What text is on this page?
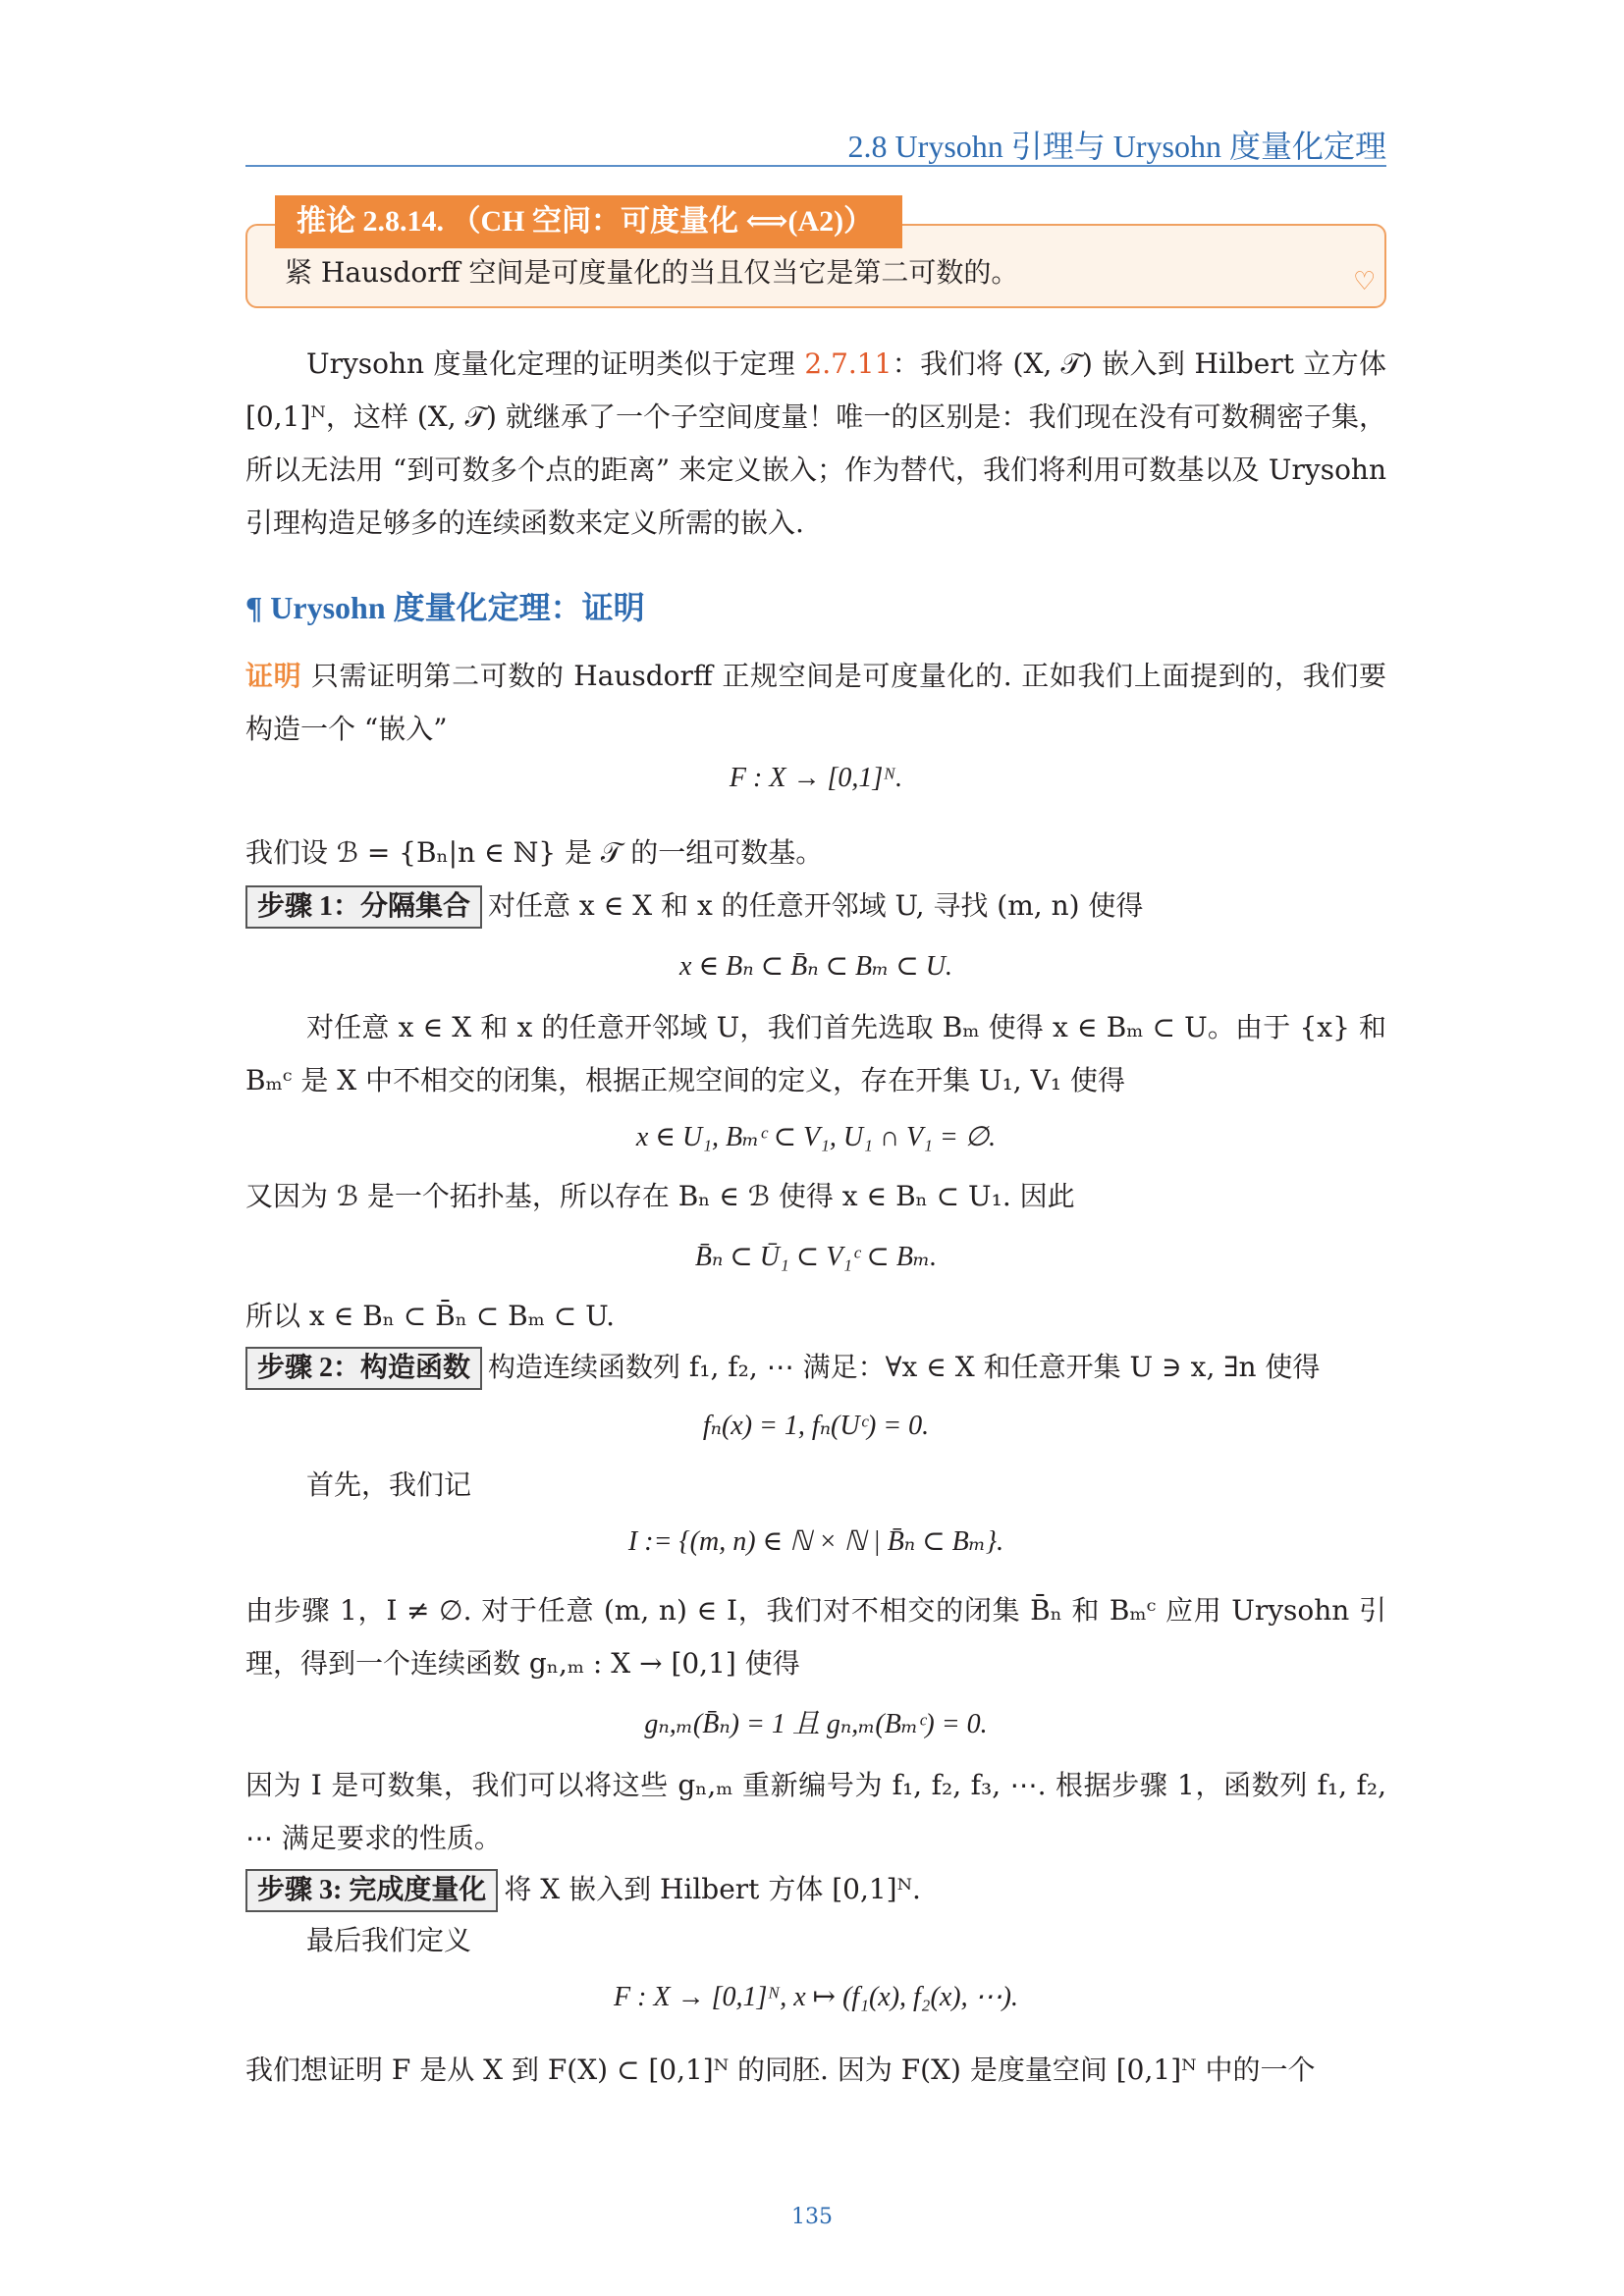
2.8 Urysohn 引理与 Urysohn 度量化定理
推论 2.8.14. （CH 空间：可度量化 ⟺(A2)）
紧 Hausdorff 空间是可度量化的当且仅当它是第二可数的。	♡
Urysohn 度量化定理的证明类似于定理 2.7.11：我们将 (X, 𝒯) 嵌入到 Hilbert 立方体 [0,1]ᴺ，这样 (X, 𝒯) 就继承了一个子空间度量！唯一的区别是：我们现在没有可数稠密子集，所以无法用 “到可数多个点的距离” 来定义嵌入；作为替代，我们将利用可数基以及 Urysohn 引理构造足够多的连续函数来定义所需的嵌入.
¶ Urysohn 度量化定理：证明
证明 只需证明第二可数的 Hausdorff 正规空间是可度量化的. 正如我们上面提到的，我们要构造一个 “嵌入”
F : X → [0,1]ᴺ.
我们设 ℬ = {Bₙ|n ∈ ℕ} 是 𝒯 的一组可数基。
步骤 1：分隔集合 对任意 x ∈ X 和 x 的任意开邻域 U, 寻找 (m, n) 使得
x ∈ Bₙ ⊂ B̄ₙ ⊂ Bₘ ⊂ U.
对任意 x ∈ X 和 x 的任意开邻域 U，我们首先选取 Bₘ 使得 x ∈ Bₘ ⊂ U。由于 {x} 和 Bₘᶜ 是 X 中不相交的闭集，根据正规空间的定义，存在开集 U₁, V₁ 使得
x ∈ U₁, Bₘᶜ ⊂ V₁, U₁ ∩ V₁ = ∅.
又因为 ℬ 是一个拓扑基，所以存在 Bₙ ∈ ℬ 使得 x ∈ Bₙ ⊂ U₁. 因此
B̄ₙ ⊂ Ū₁ ⊂ V₁ᶜ ⊂ Bₘ.
所以 x ∈ Bₙ ⊂ B̄ₙ ⊂ Bₘ ⊂ U.
步骤 2：构造函数 构造连续函数列 f₁, f₂, ⋯ 满足：∀x ∈ X 和任意开集 U ∋ x, ∃n 使得
fₙ(x) = 1, fₙ(Uᶜ) = 0.
首先，我们记
I := {(m, n) ∈ ℕ × ℕ | B̄ₙ ⊂ Bₘ}.
由步骤 1，I ≠ ∅. 对于任意 (m, n) ∈ I，我们对不相交的闭集 B̄ₙ 和 Bₘᶜ 应用 Urysohn 引理，得到一个连续函数 gₙ,ₘ : X → [0,1] 使得
gₙ,ₘ(B̄ₙ) = 1 且 gₙ,ₘ(Bₘᶜ) = 0.
因为 I 是可数集，我们可以将这些 gₙ,ₘ 重新编号为 f₁, f₂, f₃, ⋯. 根据步骤 1，函数列 f₁, f₂, ⋯ 满足要求的性质。
步骤 3: 完成度量化 将 X 嵌入到 Hilbert 方体 [0,1]ᴺ.
最后我们定义
F : X → [0,1]ᴺ, x ↦ (f₁(x), f₂(x), ⋯).
我们想证明 F 是从 X 到 F(X) ⊂ [0,1]ᴺ 的同胚. 因为 F(X) 是度量空间 [0,1]ᴺ 中的一个
135
